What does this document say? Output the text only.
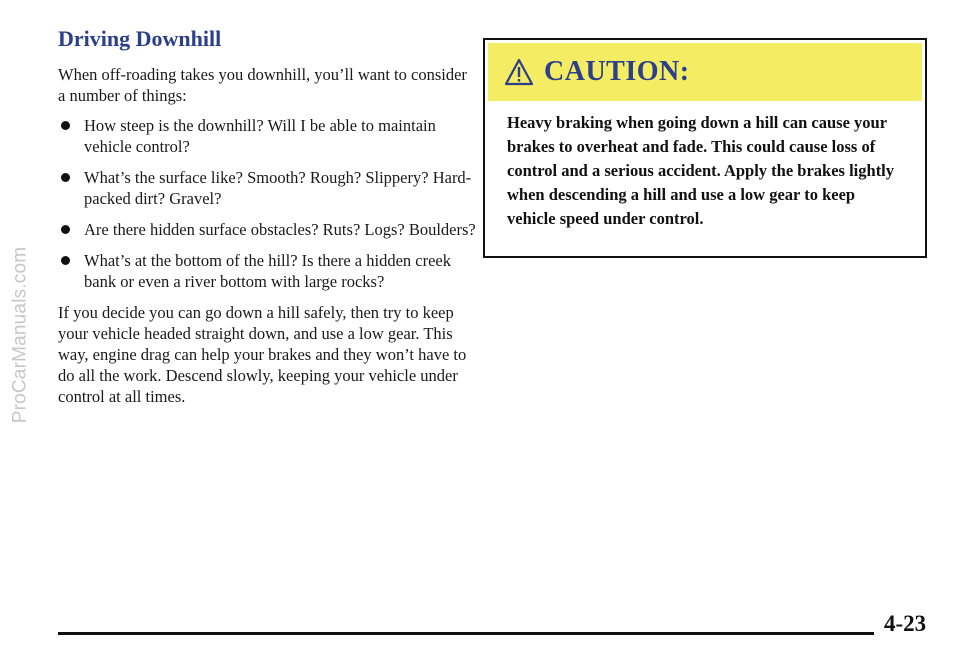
ProCarManuals.com
Driving Downhill

When off-roading takes you downhill, you’ll want to consider a number of things:

How steep is the downhill? Will I be able to maintain vehicle control?
What’s the surface like? Smooth? Rough? Slippery? Hard-packed dirt? Gravel?
Are there hidden surface obstacles? Ruts? Logs? Boulders?
What’s at the bottom of the hill? Is there a hidden creek bank or even a river bottom with large rocks?

If you decide you can go down a hill safely, then try to keep your vehicle headed straight down, and use a low gear. This way, engine drag can help your brakes and they won’t have to do all the work. Descend slowly, keeping your vehicle under control at all times.

CAUTION:
Heavy braking when going down a hill can cause your brakes to overheat and fade. This could cause loss of control and a serious accident. Apply the brakes lightly when descending a hill and use a low gear to keep vehicle speed under control.
4-23
